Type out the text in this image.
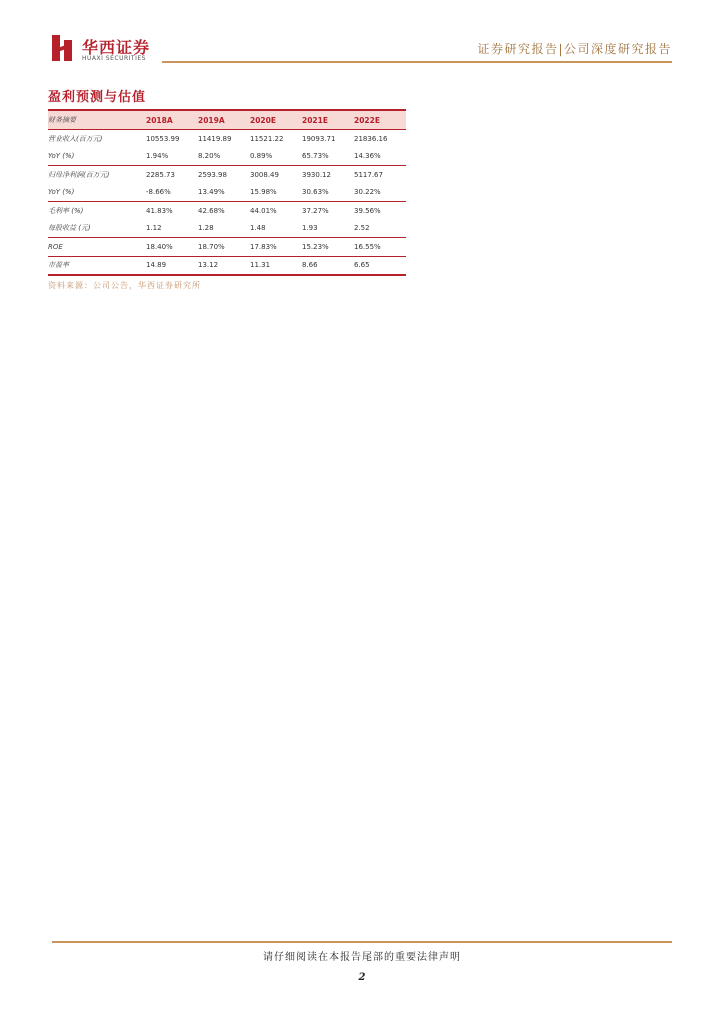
华西证券
HUAXI SECURITIES
证券研究报告|公司深度研究报告
盈利预测与估值
财务摘要	2018A	2019A	2020E	2021E	2022E
营业收入(百万元)	10553.99	11419.89	11521.22	19093.71	21836.16
YoY (%)	1.94%	8.20%	0.89%	65.73%	14.36%
归母净利润(百万元)	2285.73	2593.98	3008.49	3930.12	5117.67
YoY (%)	-8.66%	13.49%	15.98%	30.63%	30.22%
毛利率 (%)	41.83%	42.68%	44.01%	37.27%	39.56%
每股收益 (元)	1.12	1.28	1.48	1.93	2.52
ROE	18.40%	18.70%	17.83%	15.23%	16.55%
市盈率	14.89	13.12	11.31	8.66	6.65
资料来源：公司公告，华西证券研究所
请仔细阅读在本报告尾部的重要法律声明
2
